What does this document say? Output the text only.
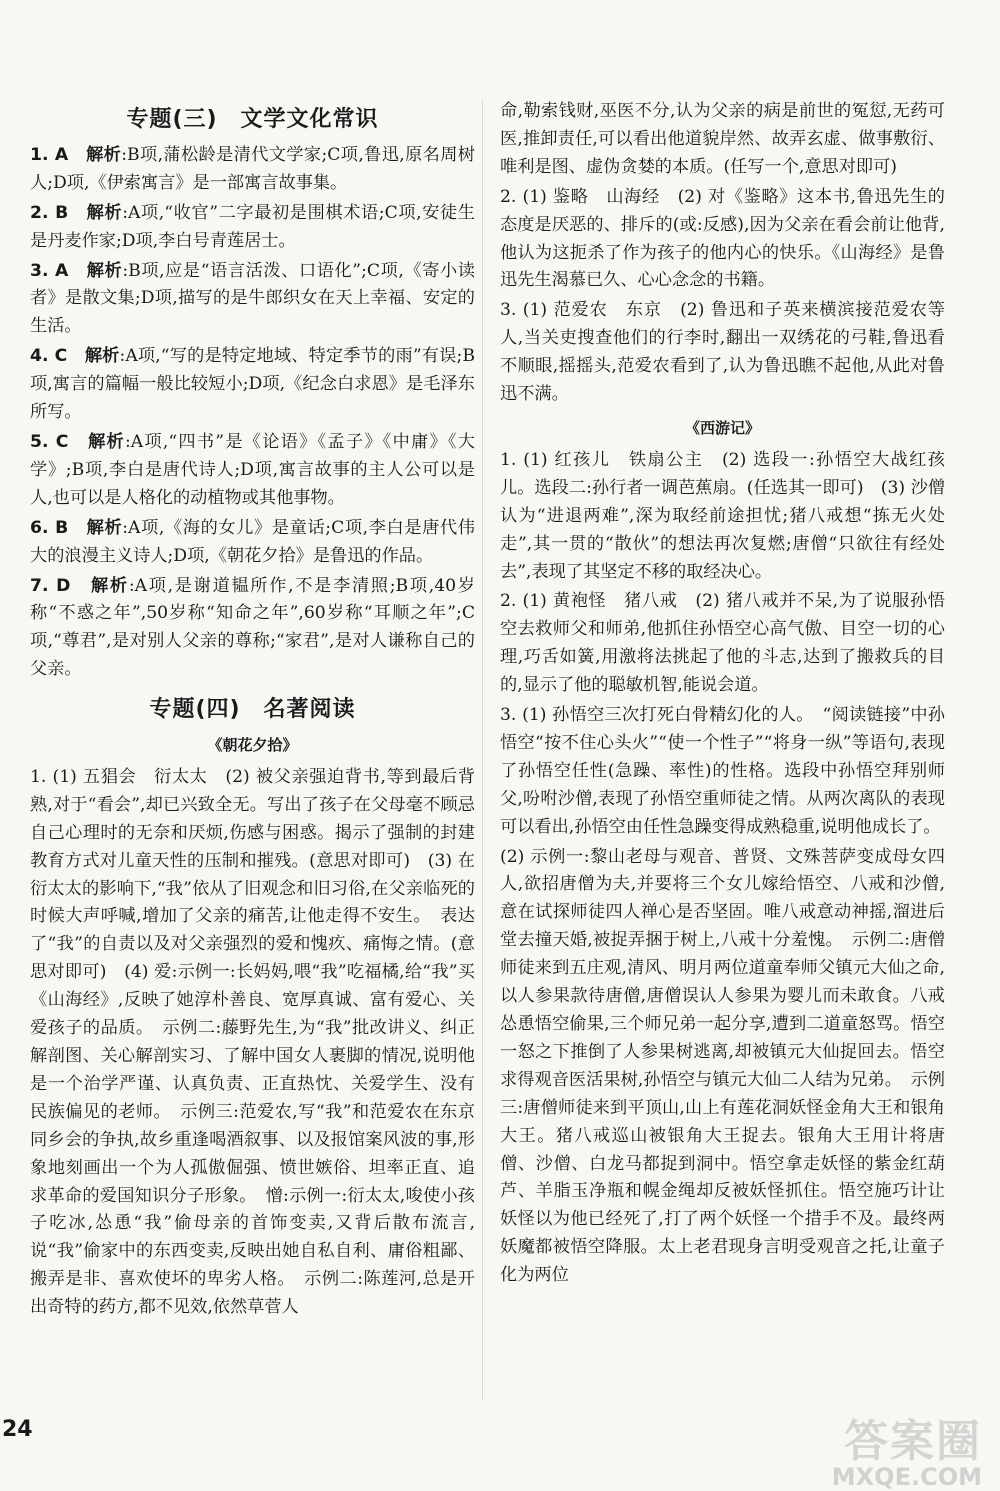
专题(三)　文学文化常识

1. A　 解析:B项,蒲松龄是清代文学家;C项,鲁迅,原名周树人;D项,《伊索寓言》是一部寓言故事集。

2. B　 解析:A项,“收官”二字最初是围棋术语;C项,安徒生是丹麦作家;D项,李白号青莲居士。

3. A　 解析:B项,应是“语言活泼、口语化”;C项,《寄小读者》是散文集;D项,描写的是牛郎织女在天上幸福、安定的生活。

4. C　 解析:A项,“写的是特定地域、特定季节的雨”有误;B项,寓言的篇幅一般比较短小;D项,《纪念白求恩》是毛泽东所写。

5. C　 解析:A项,“四书”是《论语》《孟子》《中庸》《大学》;B项,李白是唐代诗人;D项,寓言故事的主人公可以是人,也可以是人格化的动植物或其他事物。

6. B　 解析:A项,《海的女儿》是童话;C项,李白是唐代伟大的浪漫主义诗人;D项,《朝花夕拾》是鲁迅的作品。

7. D　 解析:A项,是谢道韫所作,不是李清照;B项,40岁称“不惑之年”,50岁称“知命之年”,60岁称“耳顺之年”;C项,“尊君”,是对别人父亲的尊称;“家君”,是对人谦称自己的父亲。

专题(四)　名著阅读
《朝花夕拾》

1. (1) 五猖会　衍太太　(2) 被父亲强迫背书,等到最后背熟,对于“看会”,却已兴致全无。写出了孩子在父母毫不顾忌自己心理时的无奈和厌烦,伤感与困惑。揭示了强制的封建教育方式对儿童天性的压制和摧残。(意思对即可)　(3) 在衍太太的影响下,“我”依从了旧观念和旧习俗,在父亲临死的时候大声呼喊,增加了父亲的痛苦,让他走得不安生。　表达了“我”的自责以及对父亲强烈的爱和愧疚、痛悔之情。(意思对即可)　(4) 爱:示例一:长妈妈,喂“我”吃福橘,给“我”买《山海经》,反映了她淳朴善良、宽厚真诚、富有爱心、关爱孩子的品质。　示例二:藤野先生,为“我”批改讲义、纠正解剖图、关心解剖实习、了解中国女人裹脚的情况,说明他是一个治学严谨、认真负责、正直热忱、关爱学生、没有民族偏见的老师。　示例三:范爱农,写“我”和范爱农在东京同乡会的争执,故乡重逢喝酒叙事、以及报馆案风波的事,形象地刻画出一个为人孤傲倔强、愤世嫉俗、坦率正直、追求革命的爱国知识分子形象。　憎:示例一:衍太太,唆使小孩子吃冰,怂恿“我”偷母亲的首饰变卖,又背后散布流言,说“我”偷家中的东西变卖,反映出她自私自利、庸俗粗鄙、搬弄是非、喜欢使坏的卑劣人格。　示例二:陈莲河,总是开出奇特的药方,都不见效,依然草菅人

命,勒索钱财,巫医不分,认为父亲的病是前世的冤愆,无药可医,推卸责任,可以看出他道貌岸然、故弄玄虚、做事敷衍、唯利是图、虚伪贪婪的本质。(任写一个,意思对即可)

2. (1) 鉴略　山海经　(2) 对《鉴略》这本书,鲁迅先生的态度是厌恶的、排斥的(或:反感),因为父亲在看会前让他背,他认为这扼杀了作为孩子的他内心的快乐。《山海经》是鲁迅先生渴慕已久、心心念念的书籍。

3. (1) 范爱农　东京　(2) 鲁迅和子英来横滨接范爱农等人,当关吏搜查他们的行李时,翻出一双绣花的弓鞋,鲁迅看不顺眼,摇摇头,范爱农看到了,认为鲁迅瞧不起他,从此对鲁迅不满。

《西游记》

1. (1) 红孩儿　铁扇公主　(2) 选段一:孙悟空大战红孩儿。选段二:孙行者一调芭蕉扇。(任选其一即可)　(3) 沙僧认为“进退两难”,深为取经前途担忧;猪八戒想“拣无火处走”,其一贯的“散伙”的想法再次复燃;唐僧“只欲往有经处去”,表现了其坚定不移的取经决心。

2. (1) 黄袍怪　猪八戒　(2) 猪八戒并不呆,为了说服孙悟空去救师父和师弟,他抓住孙悟空心高气傲、目空一切的心理,巧舌如簧,用激将法挑起了他的斗志,达到了搬救兵的目的,显示了他的聪敏机智,能说会道。

3. (1) 孙悟空三次打死白骨精幻化的人。　“阅读链接”中孙悟空“按不住心头火”“使一个性子”“将身一纵”等语句,表现了孙悟空任性(急躁、率性)的性格。选段中孙悟空拜别师父,吩咐沙僧,表现了孙悟空重师徒之情。从两次离队的表现可以看出,孙悟空由任性急躁变得成熟稳重,说明他成长了。

(2) 示例一:黎山老母与观音、普贤、文殊菩萨变成母女四人,欲招唐僧为夫,并要将三个女儿嫁给悟空、八戒和沙僧,意在试探师徒四人禅心是否坚固。唯八戒意动神摇,溜进后堂去撞天婚,被捉弄捆于树上,八戒十分羞愧。　示例二:唐僧师徒来到五庄观,清风、明月两位道童奉师父镇元大仙之命,以人参果款待唐僧,唐僧误认人参果为婴儿而未敢食。八戒怂恿悟空偷果,三个师兄弟一起分享,遭到二道童怒骂。悟空一怒之下推倒了人参果树逃离,却被镇元大仙捉回去。悟空求得观音医活果树,孙悟空与镇元大仙二人结为兄弟。　示例三:唐僧师徒来到平顶山,山上有莲花洞妖怪金角大王和银角大王。猪八戒巡山被银角大王捉去。银角大王用计将唐僧、沙僧、白龙马都捉到洞中。悟空拿走妖怪的紫金红葫芦、羊脂玉净瓶和幌金绳却反被妖怪抓住。悟空施巧计让妖怪以为他已经死了,打了两个妖怪一个措手不及。最终两妖魔都被悟空降服。太上老君现身言明受观音之托,让童子化为两位

24	答案圈
MXQE.COM
